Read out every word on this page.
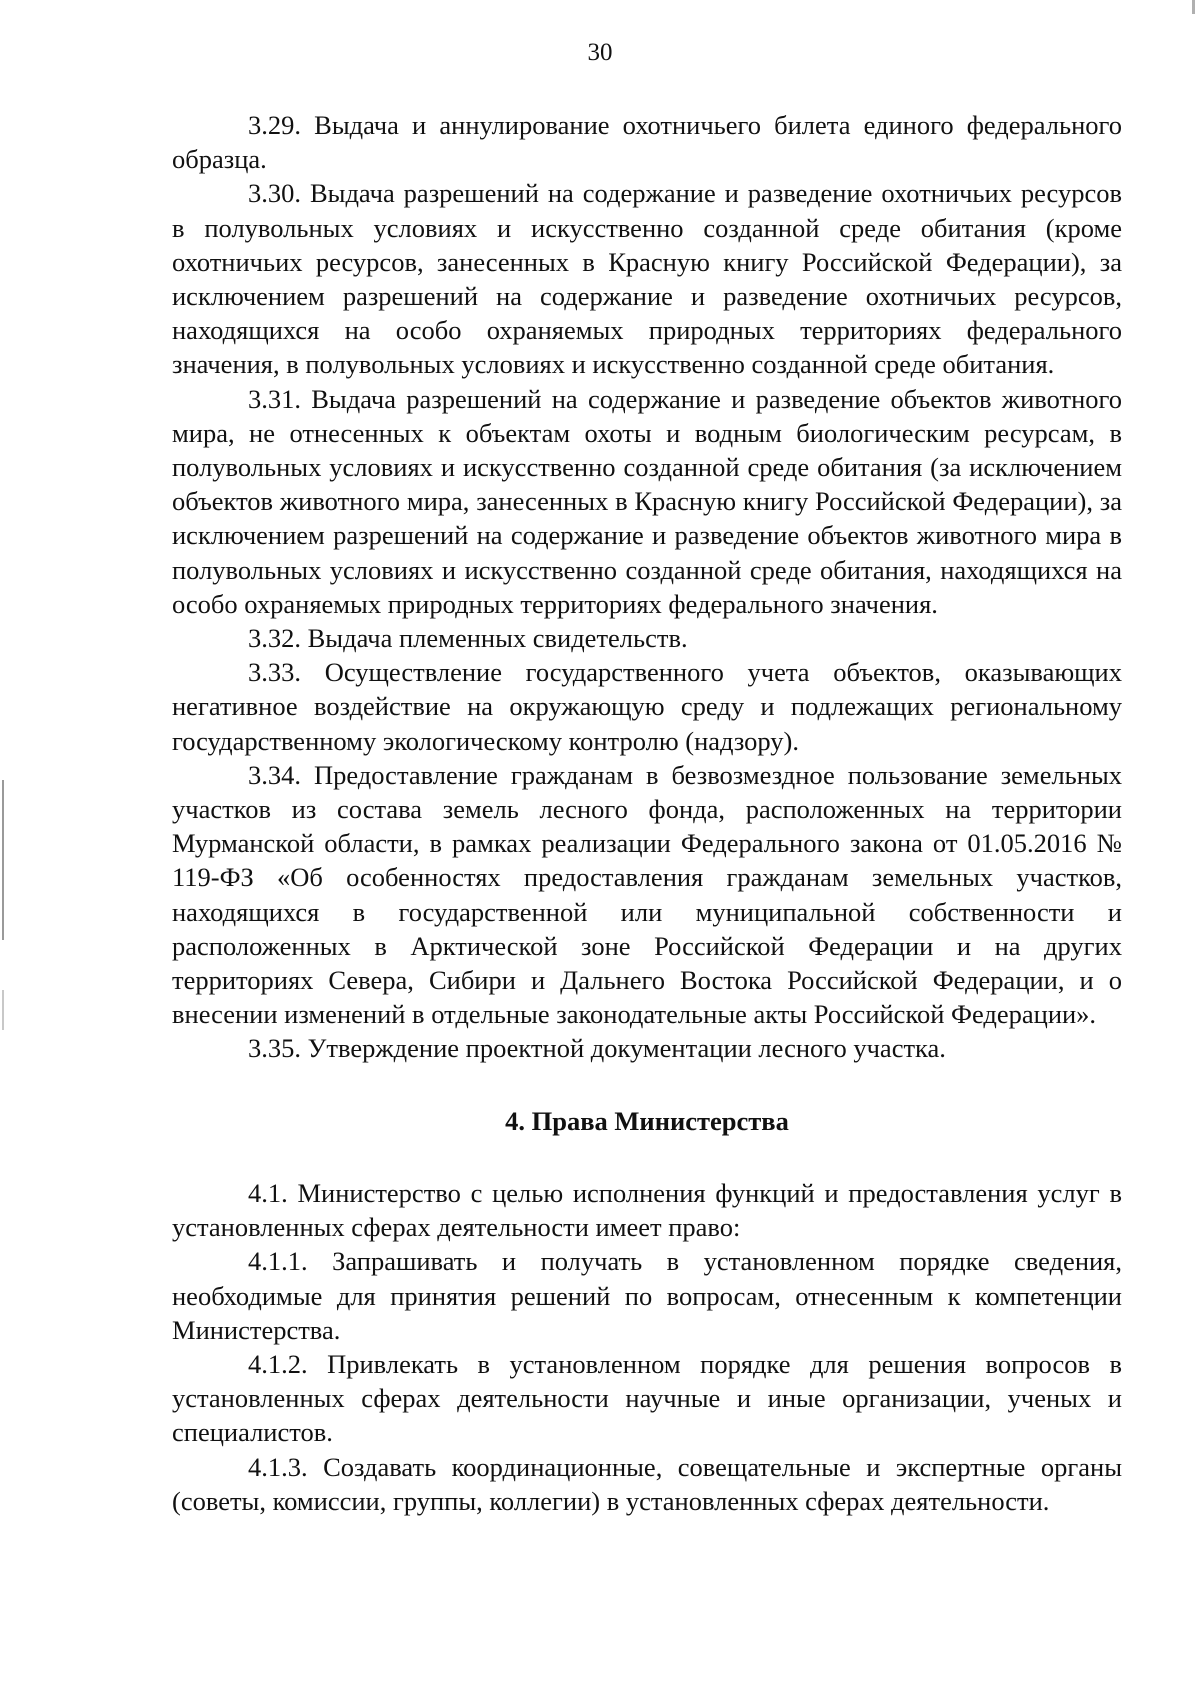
30

3.29. Выдача и аннулирование охотничьего билета единого федерального образца.

3.30. Выдача разрешений на содержание и разведение охотничьих ресурсов в полувольных условиях и искусственно созданной среде обитания (кроме охотничьих ресурсов, занесенных в Красную книгу Российской Федерации), за исключением разрешений на содержание и разведение охотничьих ресурсов, находящихся на особо охраняемых природных территориях федерального значения, в полувольных условиях и искусственно созданной среде обитания.

3.31. Выдача разрешений на содержание и разведение объектов животного мира, не отнесенных к объектам охоты и водным биологическим ресурсам, в полувольных условиях и искусственно созданной среде обитания (за исключением объектов животного мира, занесенных в Красную книгу Российской Федерации), за исключением разрешений на содержание и разведение объектов животного мира в полувольных условиях и искусственно созданной среде обитания, находящихся на особо охраняемых природных территориях федерального значения.

3.32. Выдача племенных свидетельств.

3.33. Осуществление государственного учета объектов, оказывающих негативное воздействие на окружающую среду и подлежащих региональному государственному экологическому контролю (надзору).

3.34. Предоставление гражданам в безвозмездное пользование земельных участков из состава земель лесного фонда, расположенных на территории Мурманской области, в рамках реализации Федерального закона от 01.05.2016 № 119-ФЗ «Об особенностях предоставления гражданам земельных участков, находящихся в государственной или муниципальной собственности и расположенных в Арктической зоне Российской Федерации и на других территориях Севера, Сибири и Дальнего Востока Российской Федерации, и о внесении изменений в отдельные законодательные акты Российской Федерации».

3.35. Утверждение проектной документации лесного участка.

4. Права Министерства

4.1. Министерство с целью исполнения функций и предоставления услуг в установленных сферах деятельности имеет право:

4.1.1. Запрашивать и получать в установленном порядке сведения, необходимые для принятия решений по вопросам, отнесенным к компетенции Министерства.

4.1.2. Привлекать в установленном порядке для решения вопросов в установленных сферах деятельности научные и иные организации, ученых и специалистов.

4.1.3. Создавать координационные, совещательные и экспертные органы (советы, комиссии, группы, коллегии) в установленных сферах деятельности.
